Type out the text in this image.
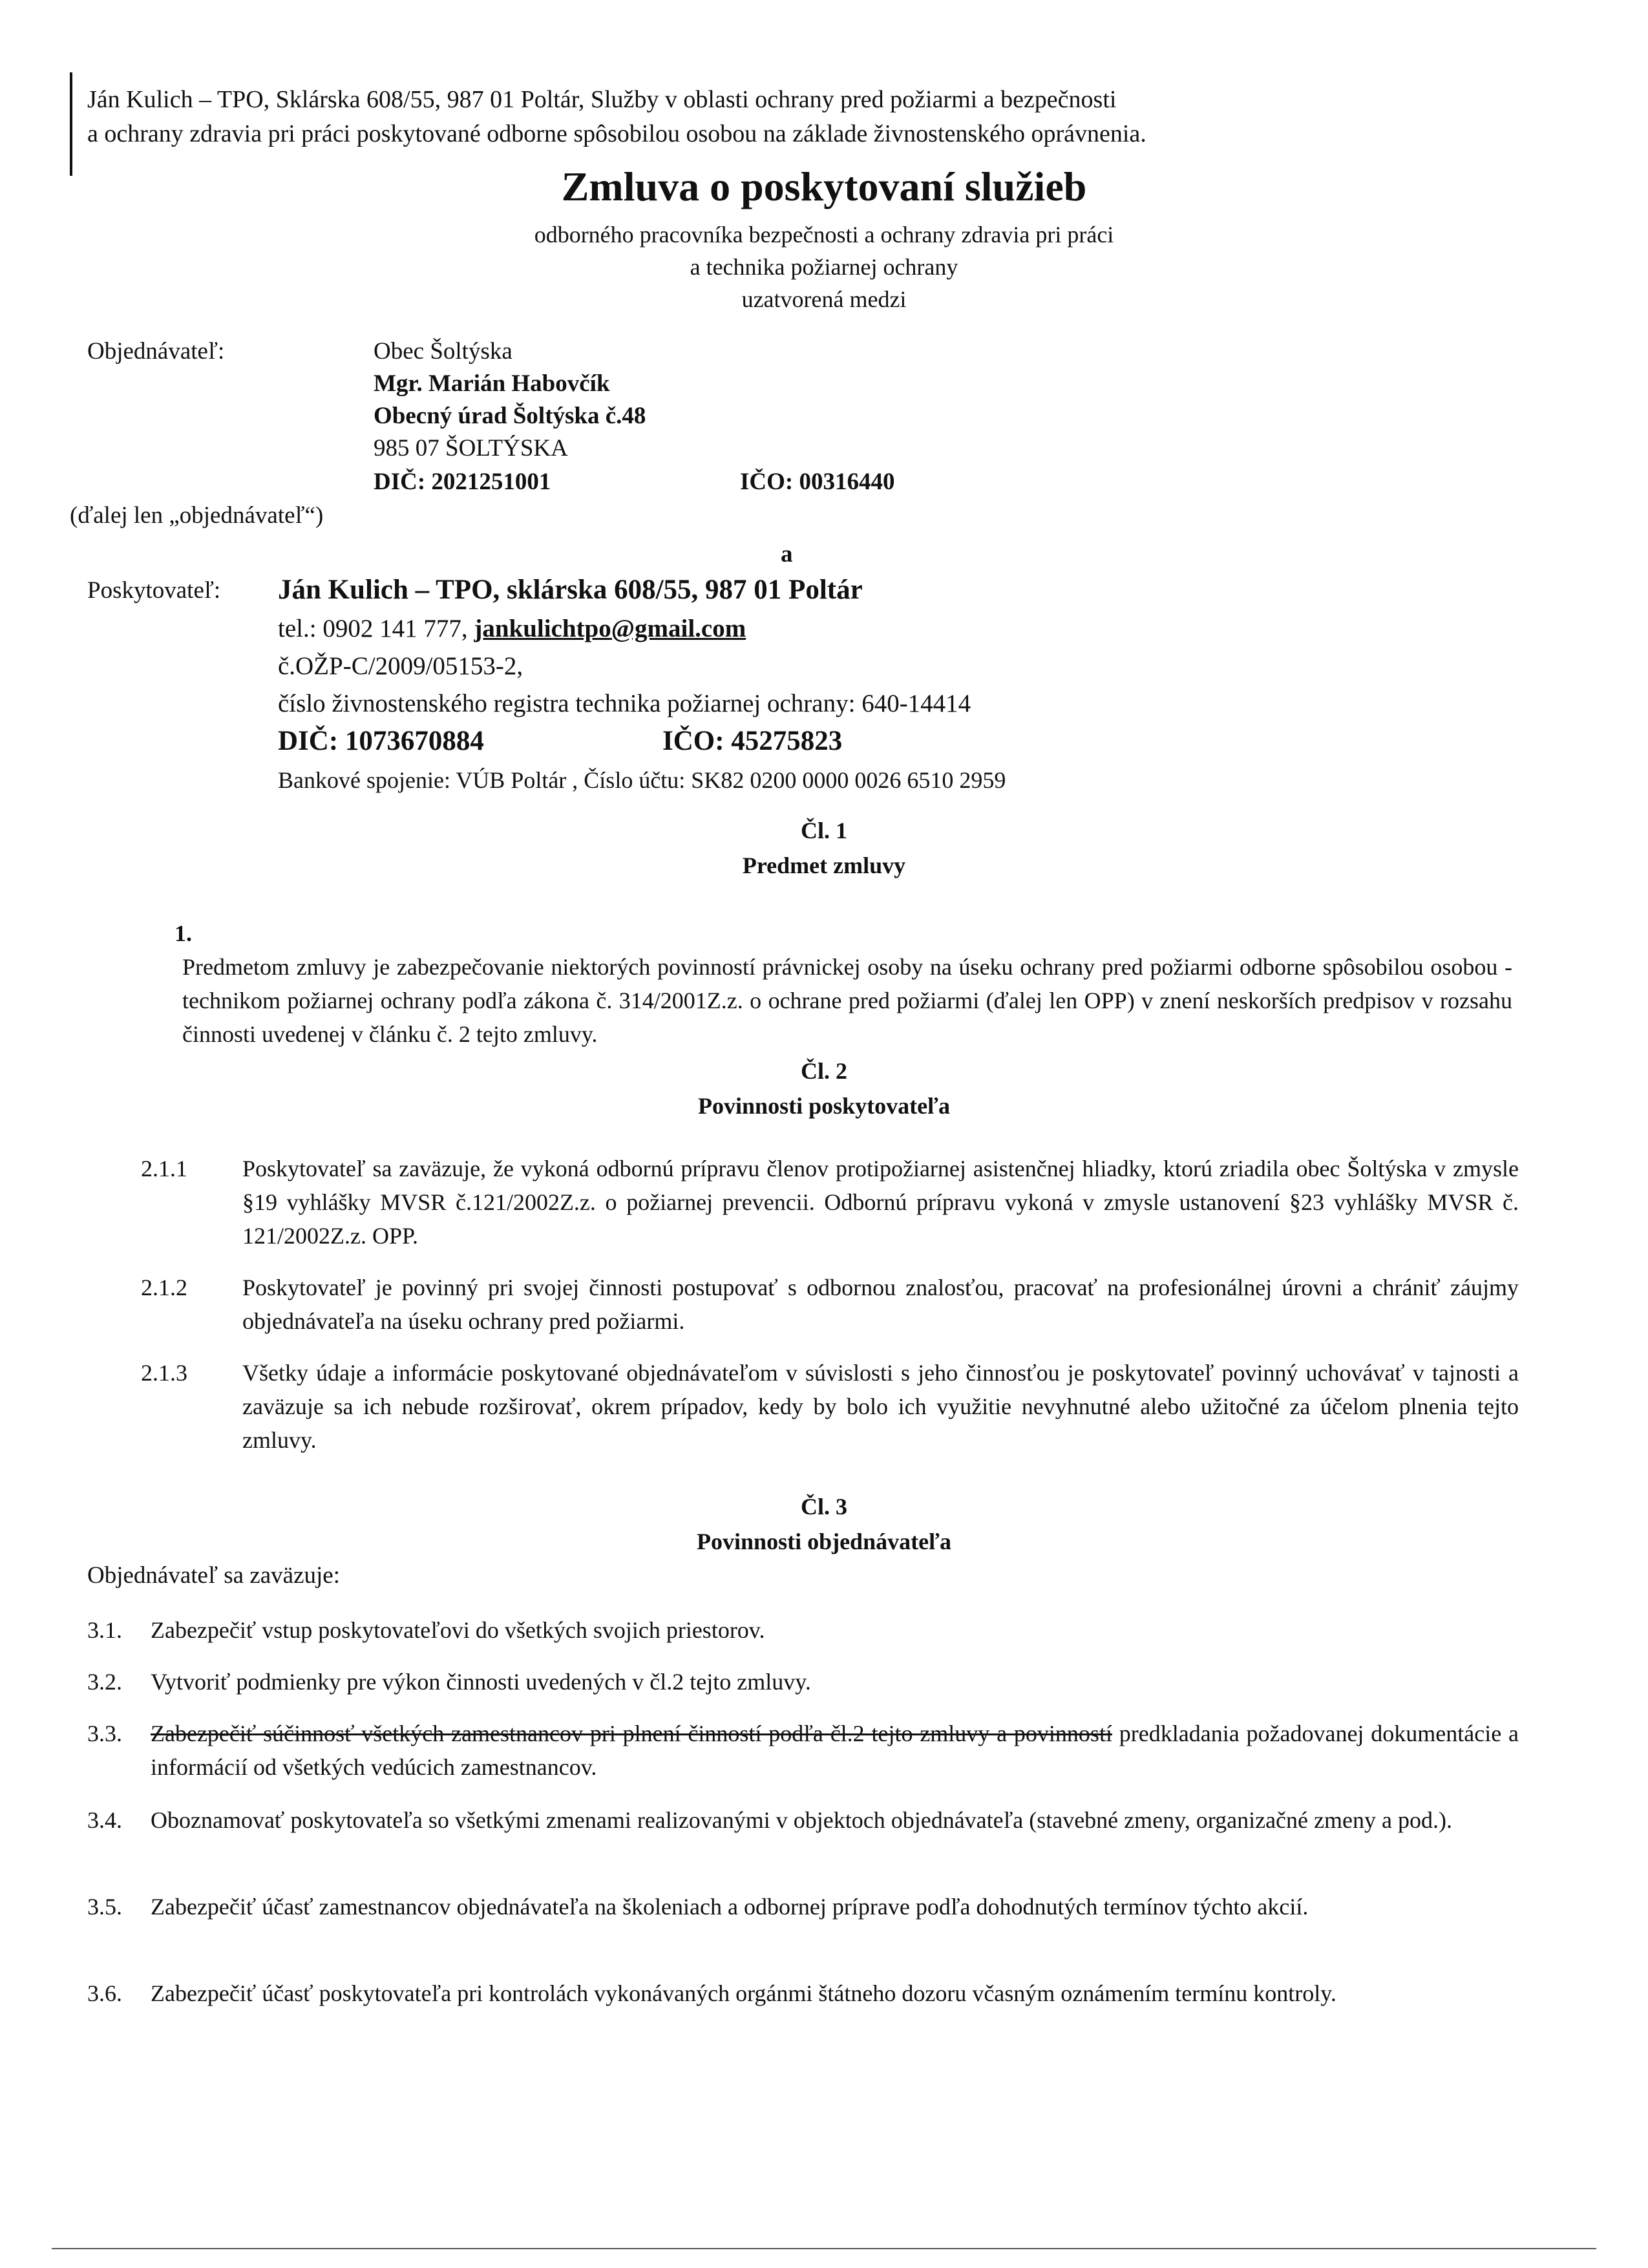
Ján Kulich – TPO, Sklárska 608/55, 987 01 Poltár, Služby v oblasti ochrany pred požiarmi a bezpečnosti
a ochrany zdravia pri práci poskytované odborne spôsobilou osobou na základe živnostenského oprávnenia.
Zmluva o poskytovaní služieb
odborného pracovníka bezpečnosti a ochrany zdravia pri práci
a technika požiarnej ochrany
uzatvorená medzi
Objednávateľ:	Obec Šoltýska
Mgr. Marián Habovčík
Obecný úrad Šoltýska č.48
985 07 ŠOLTÝSKA
DIČ: 2021251001	IČO: 00316440
(ďalej len „objednávateľ“)
a
Poskytovateľ: Ján Kulich – TPO, sklárska 608/55, 987 01 Poltár
tel.: 0902 141 777, jankulichtpo@gmail.com
č.OŽP-C/2009/05153-2,
číslo živnostenského registra technika požiarnej ochrany: 640-14414
DIČ: 1073670884	IČO: 45275823
Bankové spojenie: VÚB Poltár , Číslo účtu: SK82 0200 0000 0026 6510 2959
Čl. 1
Predmet zmluvy
1.
Predmetom zmluvy je zabezpečovanie niektorých povinností právnickej osoby na úseku ochrany pred požiarmi odborne spôsobilou osobou - technikom požiarnej ochrany podľa zákona č. 314/2001Z.z. o ochrane pred požiarmi (ďalej len OPP) v znení neskorších predpisov v rozsahu činnosti uvedenej v článku č. 2 tejto zmluvy.
Čl. 2
Povinnosti poskytovateľa
2.1.1 Poskytovateľ sa zaväzuje, že vykoná odbornú prípravu členov protipožiarnej asistenčnej hliadky, ktorú zriadila obec Šoltýska v zmysle §19 vyhlášky MVSR č.121/2002Z.z. o požiarnej prevencii. Odbornú prípravu vykoná v zmysle ustanovení §23 vyhlášky MVSR č. 121/2002Z.z. OPP.
2.1.2 Poskytovateľ je povinný pri svojej činnosti postupovať s odbornou znalosťou, pracovať na profesionálnej úrovni a chrániť záujmy objednávateľa na úseku ochrany pred požiarmi.
2.1.3 Všetky údaje a informácie poskytované objednávateľom v súvislosti s jeho činnosťou je poskytovateľ povinný uchovávať v tajnosti a zaväzuje sa ich nebude rozširovať, okrem prípadov, kedy by bolo ich využitie nevyhnutné alebo užitočné za účelom plnenia tejto zmluvy.
Čl. 3
Povinnosti objednávateľa
Objednávateľ sa zaväzuje:
3.1. Zabezpečiť vstup poskytovateľovi do všetkých svojich priestorov.
3.2. Vytvoriť podmienky pre výkon činnosti uvedených v čl.2 tejto zmluvy.
3.3. Zabezpečiť súčinnosť všetkých zamestnancov pri plnení činností podľa čl.2 tejto zmluvy a povinností predkladania požadovanej dokumentácie a informácií od všetkých vedúcich zamestnancov.
3.4. Oboznamovať poskytovateľa so všetkými zmenami realizovanými v objektoch objednávateľa (stavebné zmeny, organizačné zmeny a pod.).
3.5. Zabezpečiť účasť zamestnancov objednávateľa na školeniach a odbornej príprave podľa dohodnutých termínov týchto akcií.
3.6. Zabezpečiť účasť poskytovateľa pri kontrolách vykonávaných orgánmi štátneho dozoru včasným oznámením termínu kontroly.
